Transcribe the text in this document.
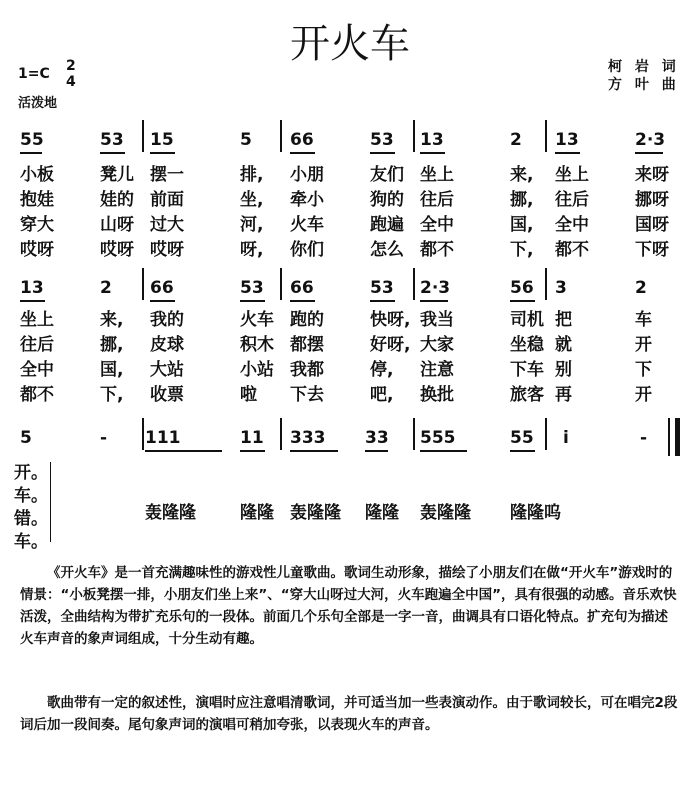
开火车	柯 岩 词
方 叶 曲
1=C 2
4
活泼地
55	53 15	5 66	53 13	2 13	2·3
小板	凳儿 摆一	排, 小朋	友们 坐上	来, 坐上	来呀
抱娃	娃的 前面	坐, 牵小	狗的 往后	挪, 往后	挪呀
穿大	山呀 过大	河, 火车	跑遍 全中	国, 全中	国呀
哎呀	哎呀 哎呀	呀, 你们	怎么 都不	下, 都不	下呀
13	2 66	53 66	53 2·3	56 3	2
坐上	来, 我的	火车 跑的	快呀, 我当	司机 把	车
往后	挪, 皮球	积木 都摆	好呀, 大家	坐稳 就	开
全中	国, 大站	小站 我都	停, 注意	下车 别	下
都不	下, 收票	啦 下去	吧, 换批	旅客 再	开
5	- 111	11 333 33 555	55 i	-
开。
车。
错。
车。
轰隆隆	隆隆 轰隆隆 隆隆 轰隆隆 隆隆呜
《开火车》是一首充满趣味性的游戏性儿童歌曲。歌词生动形象，描绘了小朋友们在做“开火车”游戏时的情景：“小板凳摆一排，小朋友们坐上来”、“穿大山呀过大河，火车跑遍全中国”，具有很强的动感。音乐欢快活泼，全曲结构为带扩充乐句的一段体。前面几个乐句全部是一字一音，曲调具有口语化特点。扩充句为描述火车声音的象声词组成，十分生动有趣。
歌曲带有一定的叙述性，演唱时应注意唱清歌词，并可适当加一些表演动作。由于歌词较长，可在唱完2段词后加一段间奏。尾句象声词的演唱可稍加夸张，以表现火车的声音。
